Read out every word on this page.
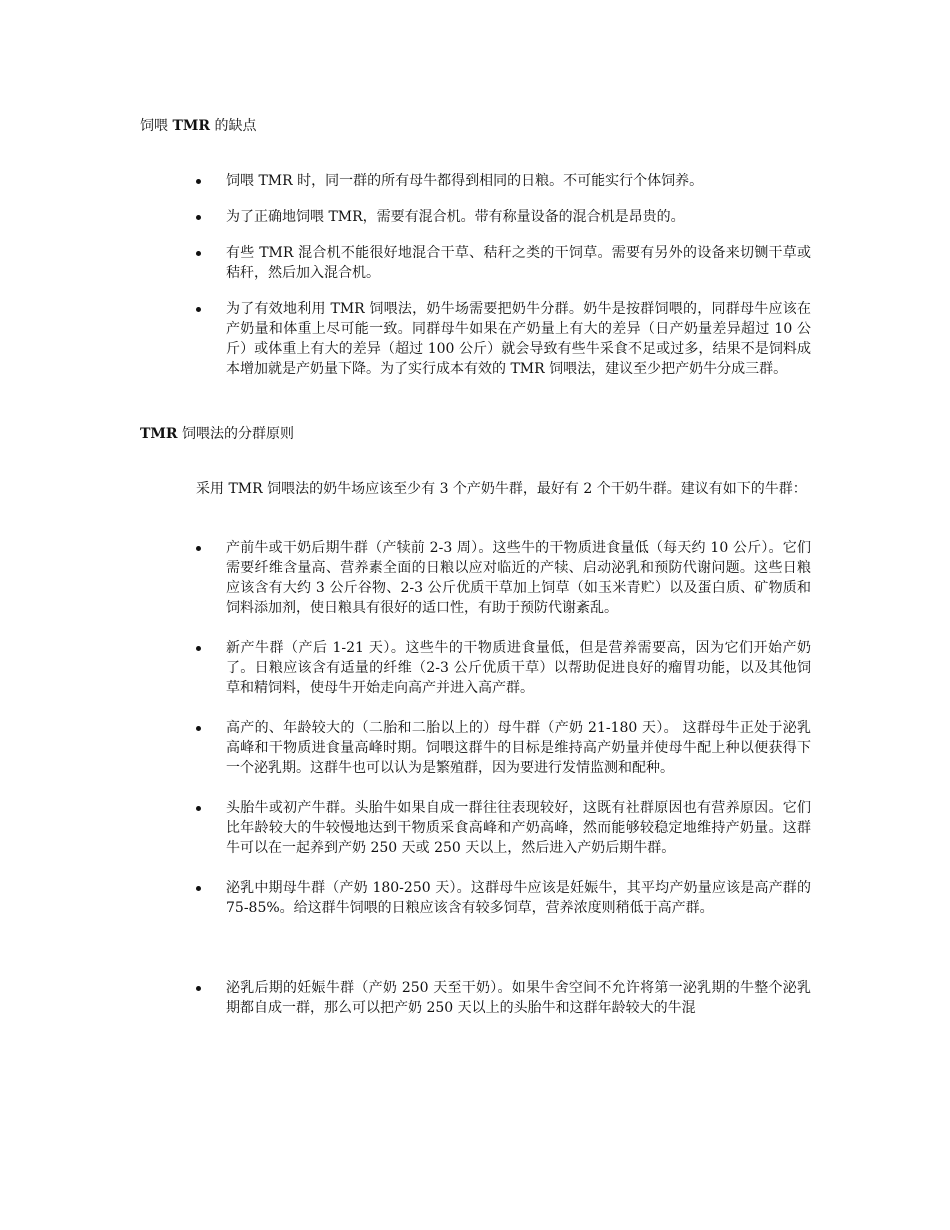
饲喂 TMR 的缺点
饲喂 TMR 时，同一群的所有母牛都得到相同的日粮。不可能实行个体饲养。
为了正确地饲喂 TMR，需要有混合机。带有称量设备的混合机是昂贵的。
有些 TMR 混合机不能很好地混合干草、秸秆之类的干饲草。需要有另外的设备来切铡干草或秸秆，然后加入混合机。
为了有效地利用 TMR 饲喂法，奶牛场需要把奶牛分群。奶牛是按群饲喂的，同群母牛应该在产奶量和体重上尽可能一致。同群母牛如果在产奶量上有大的差异（日产奶量差异超过 10 公斤）或体重上有大的差异（超过 100 公斤）就会导致有些牛采食不足或过多，结果不是饲料成本增加就是产奶量下降。为了实行成本有效的 TMR 饲喂法，建议至少把产奶牛分成三群。
TMR 饲喂法的分群原则

采用 TMR 饲喂法的奶牛场应该至少有 3 个产奶牛群，最好有 2 个干奶牛群。建议有如下的牛群：

产前牛或干奶后期牛群（产犊前 2-3 周）。这些牛的干物质进食量低（每天约 10 公斤）。它们需要纤维含量高、营养素全面的日粮以应对临近的产犊、启动泌乳和预防代谢问题。这些日粮应该含有大约 3 公斤谷物、2-3 公斤优质干草加上饲草（如玉米青贮）以及蛋白质、矿物质和饲料添加剂，使日粮具有很好的适口性，有助于预防代谢紊乱。
新产牛群（产后 1-21 天）。这些牛的干物质进食量低，但是营养需要高，因为它们开始产奶了。日粮应该含有适量的纤维（2-3 公斤优质干草）以帮助促进良好的瘤胃功能，以及其他饲草和精饲料，使母牛开始走向高产并进入高产群。
高产的、年龄较大的（二胎和二胎以上的）母牛群（产奶 21-180 天）。 这群母牛正处于泌乳高峰和干物质进食量高峰时期。饲喂这群牛的目标是维持高产奶量并使母牛配上种以便获得下一个泌乳期。这群牛也可以认为是繁殖群，因为要进行发情监测和配种。
头胎牛或初产牛群。头胎牛如果自成一群往往表现较好，这既有社群原因也有营养原因。它们比年龄较大的牛较慢地达到干物质采食高峰和产奶高峰，然而能够较稳定地维持产奶量。这群牛可以在一起养到产奶 250 天或 250 天以上，然后进入产奶后期牛群。
泌乳中期母牛群（产奶 180-250 天）。这群母牛应该是妊娠牛，其平均产奶量应该是高产群的 75-85%。给这群牛饲喂的日粮应该含有较多饲草，营养浓度则稍低于高产群。
泌乳后期的妊娠牛群（产奶 250 天至干奶）。如果牛舍空间不允许将第一泌乳期的牛整个泌乳期都自成一群，那么可以把产奶 250 天以上的头胎牛和这群年龄较大的牛混
